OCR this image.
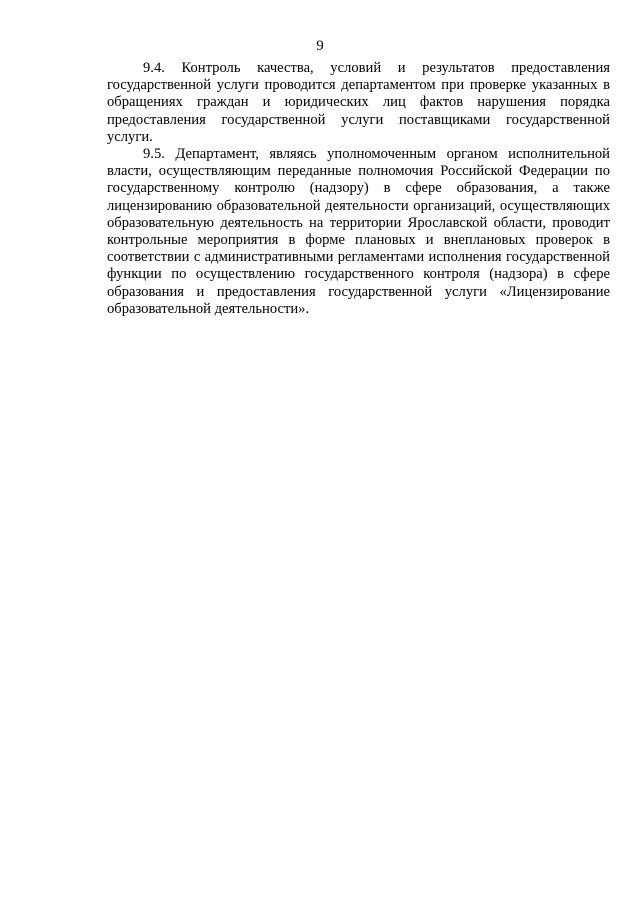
9

9.4. Контроль качества, условий и результатов предоставления государственной услуги проводится департаментом при проверке указанных в обращениях граждан и юридических лиц фактов нарушения порядка предоставления государственной услуги поставщиками государственной услуги.

9.5. Департамент, являясь уполномоченным органом исполнительной власти, осуществляющим переданные полномочия Российской Федерации по государственному контролю (надзору) в сфере образования, а также лицензированию образовательной деятельности организаций, осуществляющих образовательную деятельность на территории Ярославской области, проводит контрольные мероприятия в форме плановых и внеплановых проверок в соответствии с административными регламентами исполнения государственной функции по осуществлению государственного контроля (надзора) в сфере образования и предоставления государственной услуги «Лицензирование образовательной деятельности».
